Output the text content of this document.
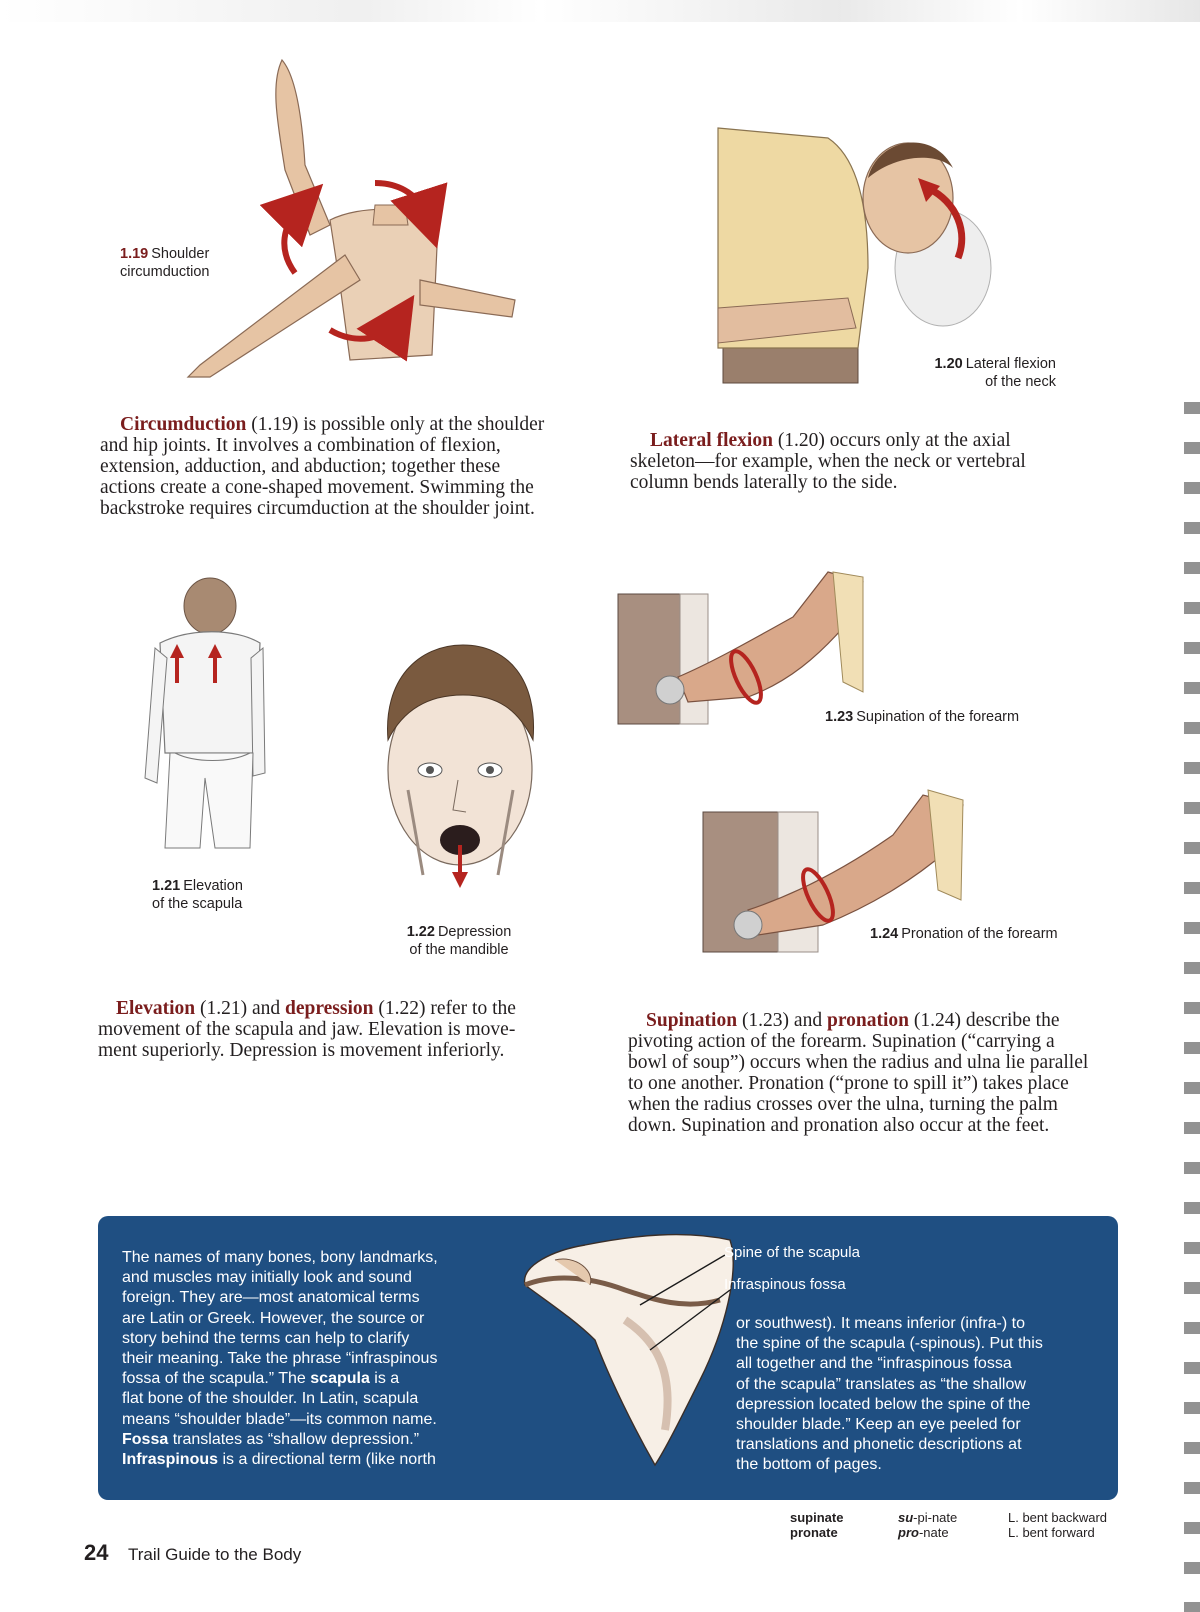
1.19 Shoulder
circumduction
1.20 Lateral flexion
of the neck
Circumduction (1.19) is possible only at the shoulder
and hip joints. It involves a combination of flexion,
extension, adduction, and abduction; together these
actions create a cone-shaped movement. Swimming the
backstroke requires circumduction at the shoulder joint.
Lateral flexion (1.20) occurs only at the axial
skeleton—for example, when the neck or vertebral
column bends laterally to the side.
1.21 Elevation
of the scapula
1.22 Depression
of the mandible
1.23 Supination of the forearm
1.24 Pronation of the forearm
Elevation (1.21) and depression (1.22) refer to the
movement of the scapula and jaw. Elevation is move-
ment superiorly. Depression is movement inferiorly.
Supination (1.23) and pronation (1.24) describe the
pivoting action of the forearm. Supination (“carrying a
bowl of soup”) occurs when the radius and ulna lie parallel
to one another. Pronation (“prone to spill it”) takes place
when the radius crosses over the ulna, turning the palm
down. Supination and pronation also occur at the feet.
The names of many bones, bony landmarks,
and muscles may initially look and sound
foreign. They are—most anatomical terms
are Latin or Greek. However, the source or
story behind the terms can help to clarify
their meaning. Take the phrase “infraspinous
fossa of the scapula.” The scapula is a
flat bone of the shoulder. In Latin, scapula
means “shoulder blade”—its common name.
Fossa translates as “shallow depression.”
Infraspinous is a directional term (like north
Spine of the scapula
Infraspinous fossa
or southwest). It means inferior (infra-) to
the spine of the scapula (-spinous). Put this
all together and the “infraspinous fossa
of the scapula” translates as “the shallow
depression located below the spine of the
shoulder blade.” Keep an eye peeled for
translations and phonetic descriptions at
the bottom of pages.
supinate
pronate
su-pi-nate
pro-nate
L. bent backward
L. bent forward
24 Trail Guide to the Body
